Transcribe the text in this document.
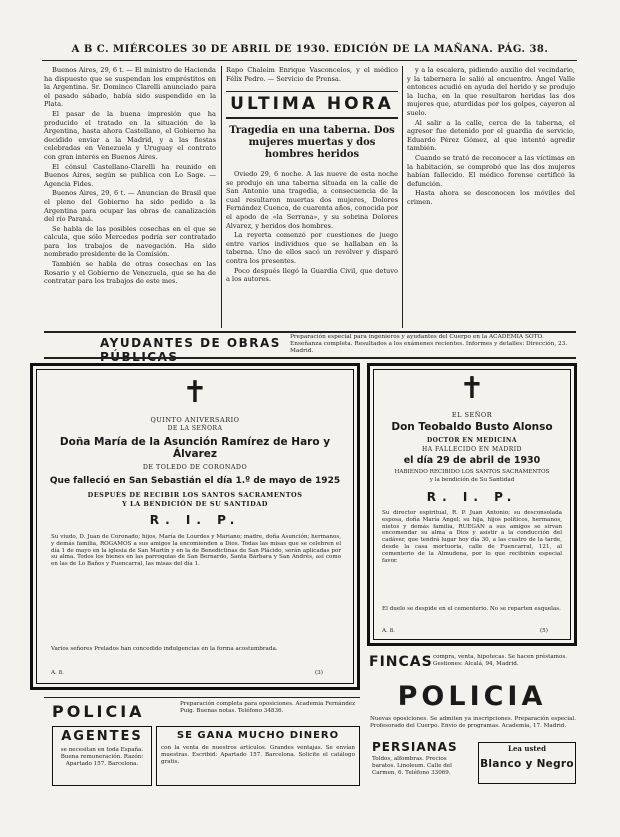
A B C. MIÉRCOLES 30 DE ABRIL DE 1930. EDICIÓN DE LA MAÑANA. PÁG. 38.

Buenos Aires, 29, 6 t. — El ministro de Hacienda ha dispuesto que se suspendan los empréstitos en la Argentina. Sr. Dominco Clarelli anunciado para el pasado sábado, había sido suspendido en la Plata.

El pasar de la buena impresión que ha producido el tratado en la situación de la Argentina, hasta ahora Castellano, el Gobierno ha decidido enviar a la Madrid, y a las fiestas celebradas en Venezuela y Uruguay el contrato con gran interés en Buenos Aires.

El cónsul Castellano-Clarelli ha reunido en Buenos Aires, según se publica con Lo Sage. — Agencia Fides.

Buenos Aires, 29, 6 t. — Anuncian de Brasil que el pleno del Gobierno ha sido pedido a la Argentina para ocupar las obras de canalización del río Paraná.

Se habla de las posibles cosechas en el que se calcula, que sólo Mercedes podría ser contratado para los trabajos de navegación. Ha sido nombrado presidente de la Comisión.

También se habla de otras cosechas en las Rosario y el Gobierno de Venezuela, que se ha de contratar para los trabajos de este mes.

Rapo Chaleim Enrique Vasconcelos, y el médico Félix Pedro. — Servicio de Prensa.
ULTIMA HORA
Tragedia en una taberna. Dos mujeres muertas y dos hombres heridos

Oviedo 29, 6 noche. A las nueve de esta noche se produjo en una taberna situada en la calle de San Antonio una tragedia, a consecuencia de la cual resultaron muertas dos mujeres, Dolores Fernández Cuenca, de cuarenta años, conocida por el apodo de «la Serrana», y su sobrina Dolores Alvarez, y heridos dos hombres.

La reyerta comenzó por cuestiones de juego entre varios individuos que se hallaban en la taberna. Uno de ellos sacó un revólver y disparó contra los presentes.

Poco después llegó la Guardia Civil, que detuvo a los autores.

y a la escalera, pidiendo auxilio del vecindario, y la tabernera le salió al encuentro. Ángel Valle entonces acudió en ayuda del herido y se produjo la lucha, en la que resultaron heridas las dos mujeres que, aturdidas por los golpes, cayeron al suelo.

Al salir a la calle, cerca de la taberna, el agresor fue detenido por el guardia de servicio, Eduardo Pérez Gómez, al que intentó agredir también.

Cuando se trató de reconocer a las víctimas en la habitación, se comprobó que las dos mujeres habían fallecido. El médico forense certificó la defunción.

Hasta ahora se desconocen los móviles del crimen.

AYUDANTES DE OBRAS	Preparación especial para ingenieros y ayudantes del Cuerpo en la ACADEMIA SOTO. Enseñanza completa. Resultados a los exámenes recientes. Informes y detalles: Dirección, 23. Madrid.
✝
QUINTO ANIVERSARIO
DE LA SEÑORA
Doña María de la Asunción Ramírez de Haro y Álvarez
DE TOLEDO DE CORONADO
Que falleció en San Sebastián el día 1.º de mayo de 1925
DESPUÉS DE RECIBIR LOS SANTOS SACRAMENTOS
Y LA BENDICIÓN DE SU SANTIDAD
R. I. P.
Su viudo, D. Juan de Coronado; hijos, María de Lourdes y Mariano; madre, doña Asunción; hermanos, y demás familia, ROGAMOS a sus amigos la encomienden a Dios. Todas las misas que se celebren el día 1 de mayo en la iglesia de San Martín y en la de Benedictinas de San Plácido, serán aplicadas por su alma. Todos los bienes en las parroquias de San Bernardo, Santa Bárbara y San Andrés, así como en las de Lo Baños y Fuencarral, las misas del día 1.
Varios señores Prelados han concedido indulgencias en la forma acostumbrada.
A. 8.	(3)
✝
EL SEÑOR
Don Teobaldo Busto Alonso
DOCTOR EN MEDICINA
HA FALLECIDO EN MADRID
el día 29 de abril de 1930
HABIENDO RECIBIDO LOS SANTOS SACRAMENTOS
y la bendición de Su Santidad
R. I. P.
Su director espiritual, R. P. Juan Antonio; su desconsolada esposa, doña María Angel; su hija, hijos políticos, hermanos, nietos y demás familia, RUEGAN a sus amigos se sirvan encomendar su alma a Dios y asistir a la conducción del cadáver, que tendrá lugar hoy día 30, a las cuatro de la tarde, desde la casa mortuoria, calle de Fuencarral, 121, al cementerio de la Almudena, por lo que recibirán especial favor.
El duelo se despide en el cementerio. No se reparten esquelas.
A. 8.	(5)
FINCAS compra, venta, hipotecas. Se hacen préstamos. Gestiones: Alcalá, 94, Madrid.
POLICIA
Nuevas oposiciones. Se admiten ya inscripciones. Preparación especial. Profesorado del Cuerpo. Envío de programas. Academia, 17. Madrid.
POLICIA	Preparación completa para oposiciones. Academia Fernández Puig. Buenas notas. Teléfono 34836.
AGENTES
se necesitan en toda España. Buena remuneración. Razón: Apartado 157. Barcelona.
SE GANA MUCHO DINERO
con la venta de nuestros artículos. Grandes ventajas. Se envían muestras. Escribid: Apartado 157. Barcelona. Solicite el catálogo gratis.
PERSIANAS
Toldos, alfombras. Precios baratos. Linoleum. Calle del Carmen, 6. Teléfono 33069.
Lea usted
Blanco y Negro
